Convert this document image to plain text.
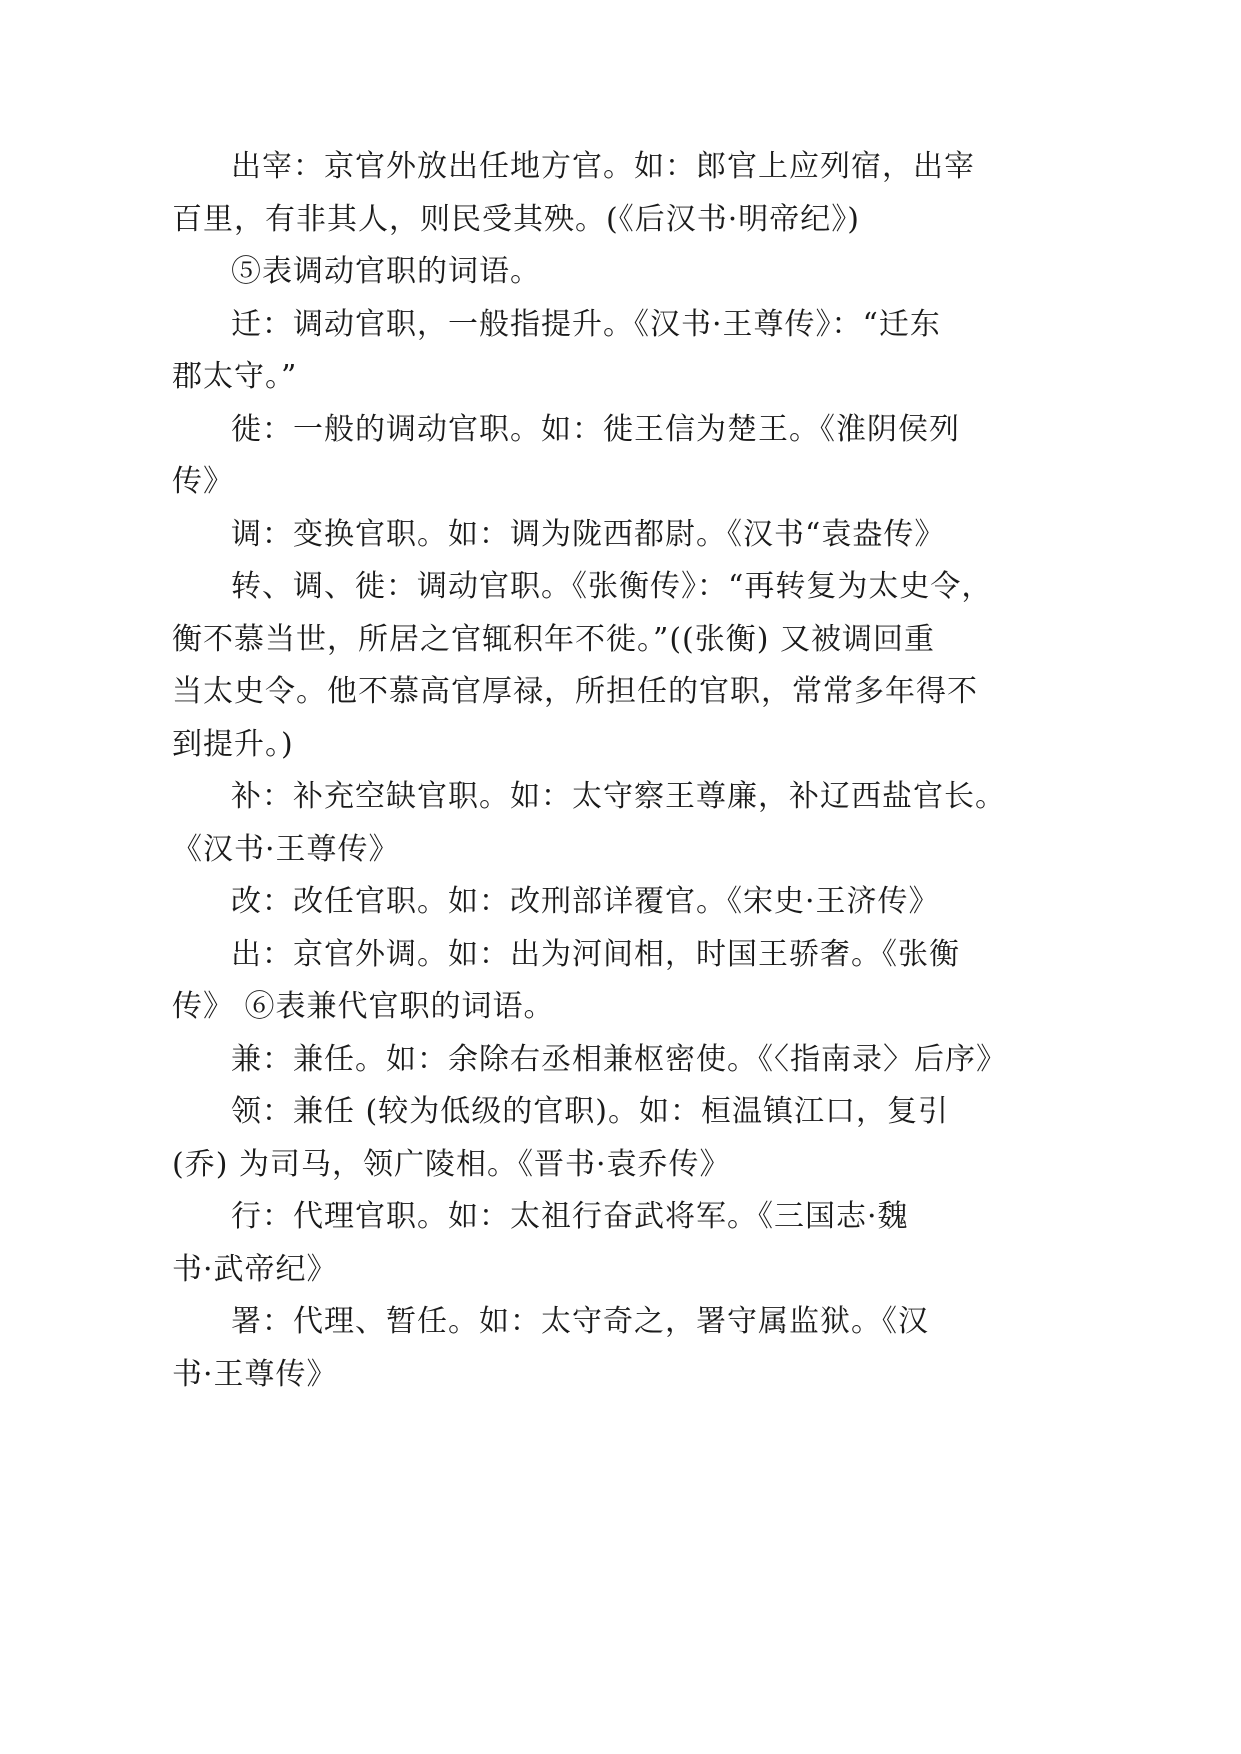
出宰：京官外放出任地方官。如：郎官上应列宿，出宰
百里，有非其人，则民受其殃。(《后汉书·明帝纪》)
⑤表调动官职的词语。
迁：调动官职，一般指提升。《汉书·王尊传》：“迁东
郡太守。”
徙：一般的调动官职。如：徙王信为楚王。《淮阴侯列
传》
调：变换官职。如：调为陇西都尉。《汉书“袁盎传》
转、调、徙：调动官职。《张衡传》：“再转复为太史令，
衡不慕当世，所居之官辄积年不徙。”((张衡) 又被调回重
当太史令。他不慕高官厚禄，所担任的官职，常常多年得不
到提升。)
补：补充空缺官职。如：太守察王尊廉，补辽西盐官长。
《汉书·王尊传》
改：改任官职。如：改刑部详覆官。《宋史·王济传》
出：京官外调。如：出为河间相，时国王骄奢。《张衡
传》 ⑥表兼代官职的词语。
兼：兼任。如：余除右丞相兼枢密使。《〈指南录〉后序》
领：兼任 (较为低级的官职)。如：桓温镇江口，复引
(乔) 为司马，领广陵相。《晋书·袁乔传》
行：代理官职。如：太祖行奋武将军。《三国志·魏
书·武帝纪》
署：代理、暂任。如：太守奇之，署守属监狱。《汉
书·王尊传》
